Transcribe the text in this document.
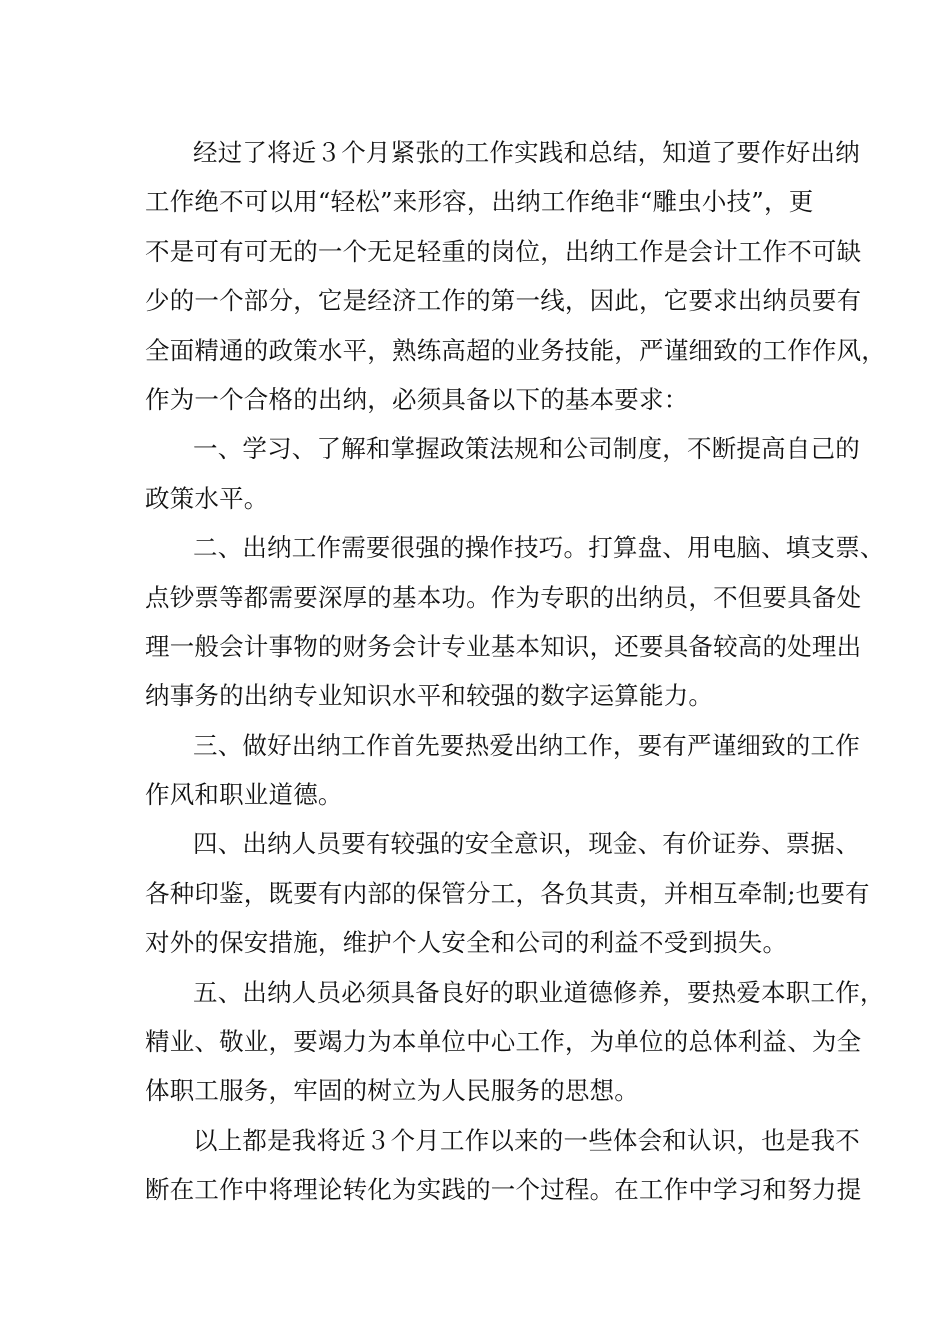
经过了将近３个月紧张的工作实践和总结，知道了要作好出纳
工作绝不可以用“轻松”来形容，出纳工作绝非“雕虫小技”，更
不是可有可无的一个无足轻重的岗位，出纳工作是会计工作不可缺
少的一个部分，它是经济工作的第一线，因此，它要求出纳员要有
全面精通的政策水平，熟练高超的业务技能，严谨细致的工作作风，
作为一个合格的出纳，必须具备以下的基本要求：
一、学习、了解和掌握政策法规和公司制度，不断提高自己的
政策水平。
二、出纳工作需要很强的操作技巧。打算盘、用电脑、填支票、
点钞票等都需要深厚的基本功。作为专职的出纳员，不但要具备处
理一般会计事物的财务会计专业基本知识，还要具备较高的处理出
纳事务的出纳专业知识水平和较强的数字运算能力。
三、做好出纳工作首先要热爱出纳工作，要有严谨细致的工作
作风和职业道德。
四、出纳人员要有较强的安全意识，现金、有价证券、票据、
各种印鉴，既要有内部的保管分工，各负其责，并相互牵制;也要有
对外的保安措施，维护个人安全和公司的利益不受到损失。
五、出纳人员必须具备良好的职业道德修养，要热爱本职工作，
精业、敬业，要竭力为本单位中心工作，为单位的总体利益、为全
体职工服务，牢固的树立为人民服务的思想。
以上都是我将近３个月工作以来的一些体会和认识，也是我不
断在工作中将理论转化为实践的一个过程。在工作中学习和努力提
